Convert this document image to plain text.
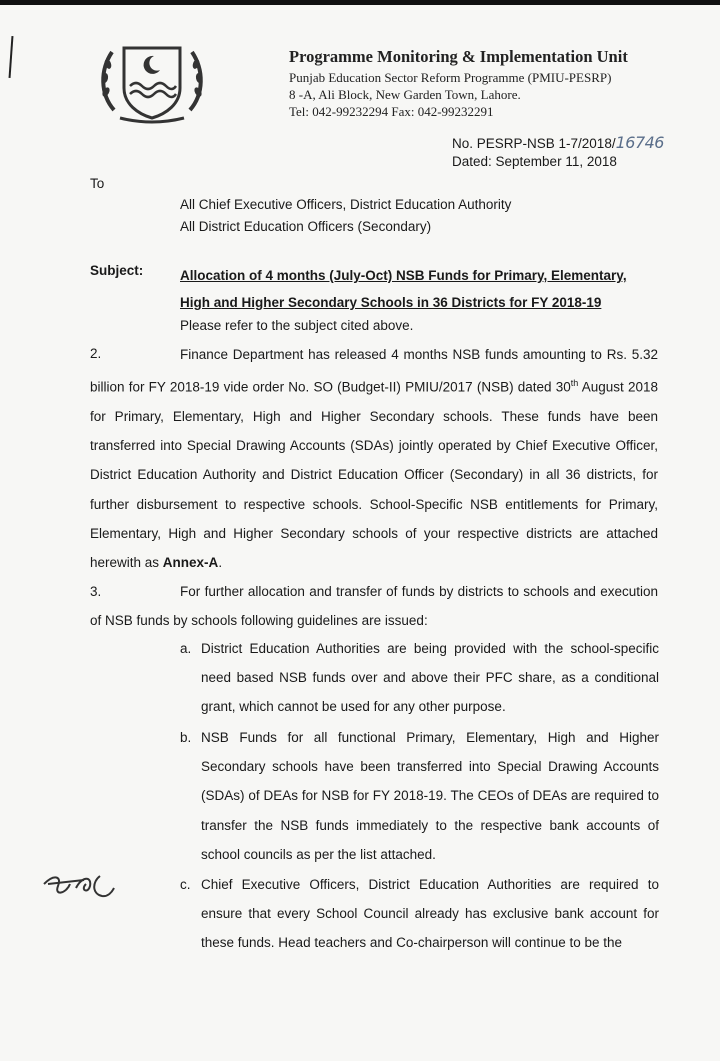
Programme Monitoring & Implementation Unit
Punjab Education Sector Reform Programme (PMIU-PESRP)
8 -A, Ali Block, New Garden Town, Lahore.
Tel: 042-99232294 Fax: 042-99232291
No. PESRP-NSB 1-7/2018/16746
Dated: September 11, 2018
To
All Chief Executive Officers, District Education Authority
All District Education Officers (Secondary)
Subject:	Allocation of 4 months (July-Oct) NSB Funds for Primary, Elementary, High and Higher Secondary Schools in 36 Districts for FY 2018-19
Please refer to the subject cited above.
2.	Finance Department has released 4 months NSB funds amounting to Rs. 5.32 billion for FY 2018-19 vide order No. SO (Budget-II) PMIU/2017 (NSB) dated 30th August 2018 for Primary, Elementary, High and Higher Secondary schools. These funds have been transferred into Special Drawing Accounts (SDAs) jointly operated by Chief Executive Officer, District Education Authority and District Education Officer (Secondary) in all 36 districts, for further disbursement to respective schools. School-Specific NSB entitlements for Primary, Elementary, High and Higher Secondary schools of your respective districts are attached herewith as Annex-A.
3.	For further allocation and transfer of funds by districts to schools and execution of NSB funds by schools following guidelines are issued:
a. District Education Authorities are being provided with the school-specific need based NSB funds over and above their PFC share, as a conditional grant, which cannot be used for any other purpose.
b. NSB Funds for all functional Primary, Elementary, High and Higher Secondary schools have been transferred into Special Drawing Accounts (SDAs) of DEAs for NSB for FY 2018-19. The CEOs of DEAs are required to transfer the NSB funds immediately to the respective bank accounts of school councils as per the list attached.
c. Chief Executive Officers, District Education Authorities are required to ensure that every School Council already has exclusive bank account for these funds. Head teachers and Co-chairperson will continue to be the
